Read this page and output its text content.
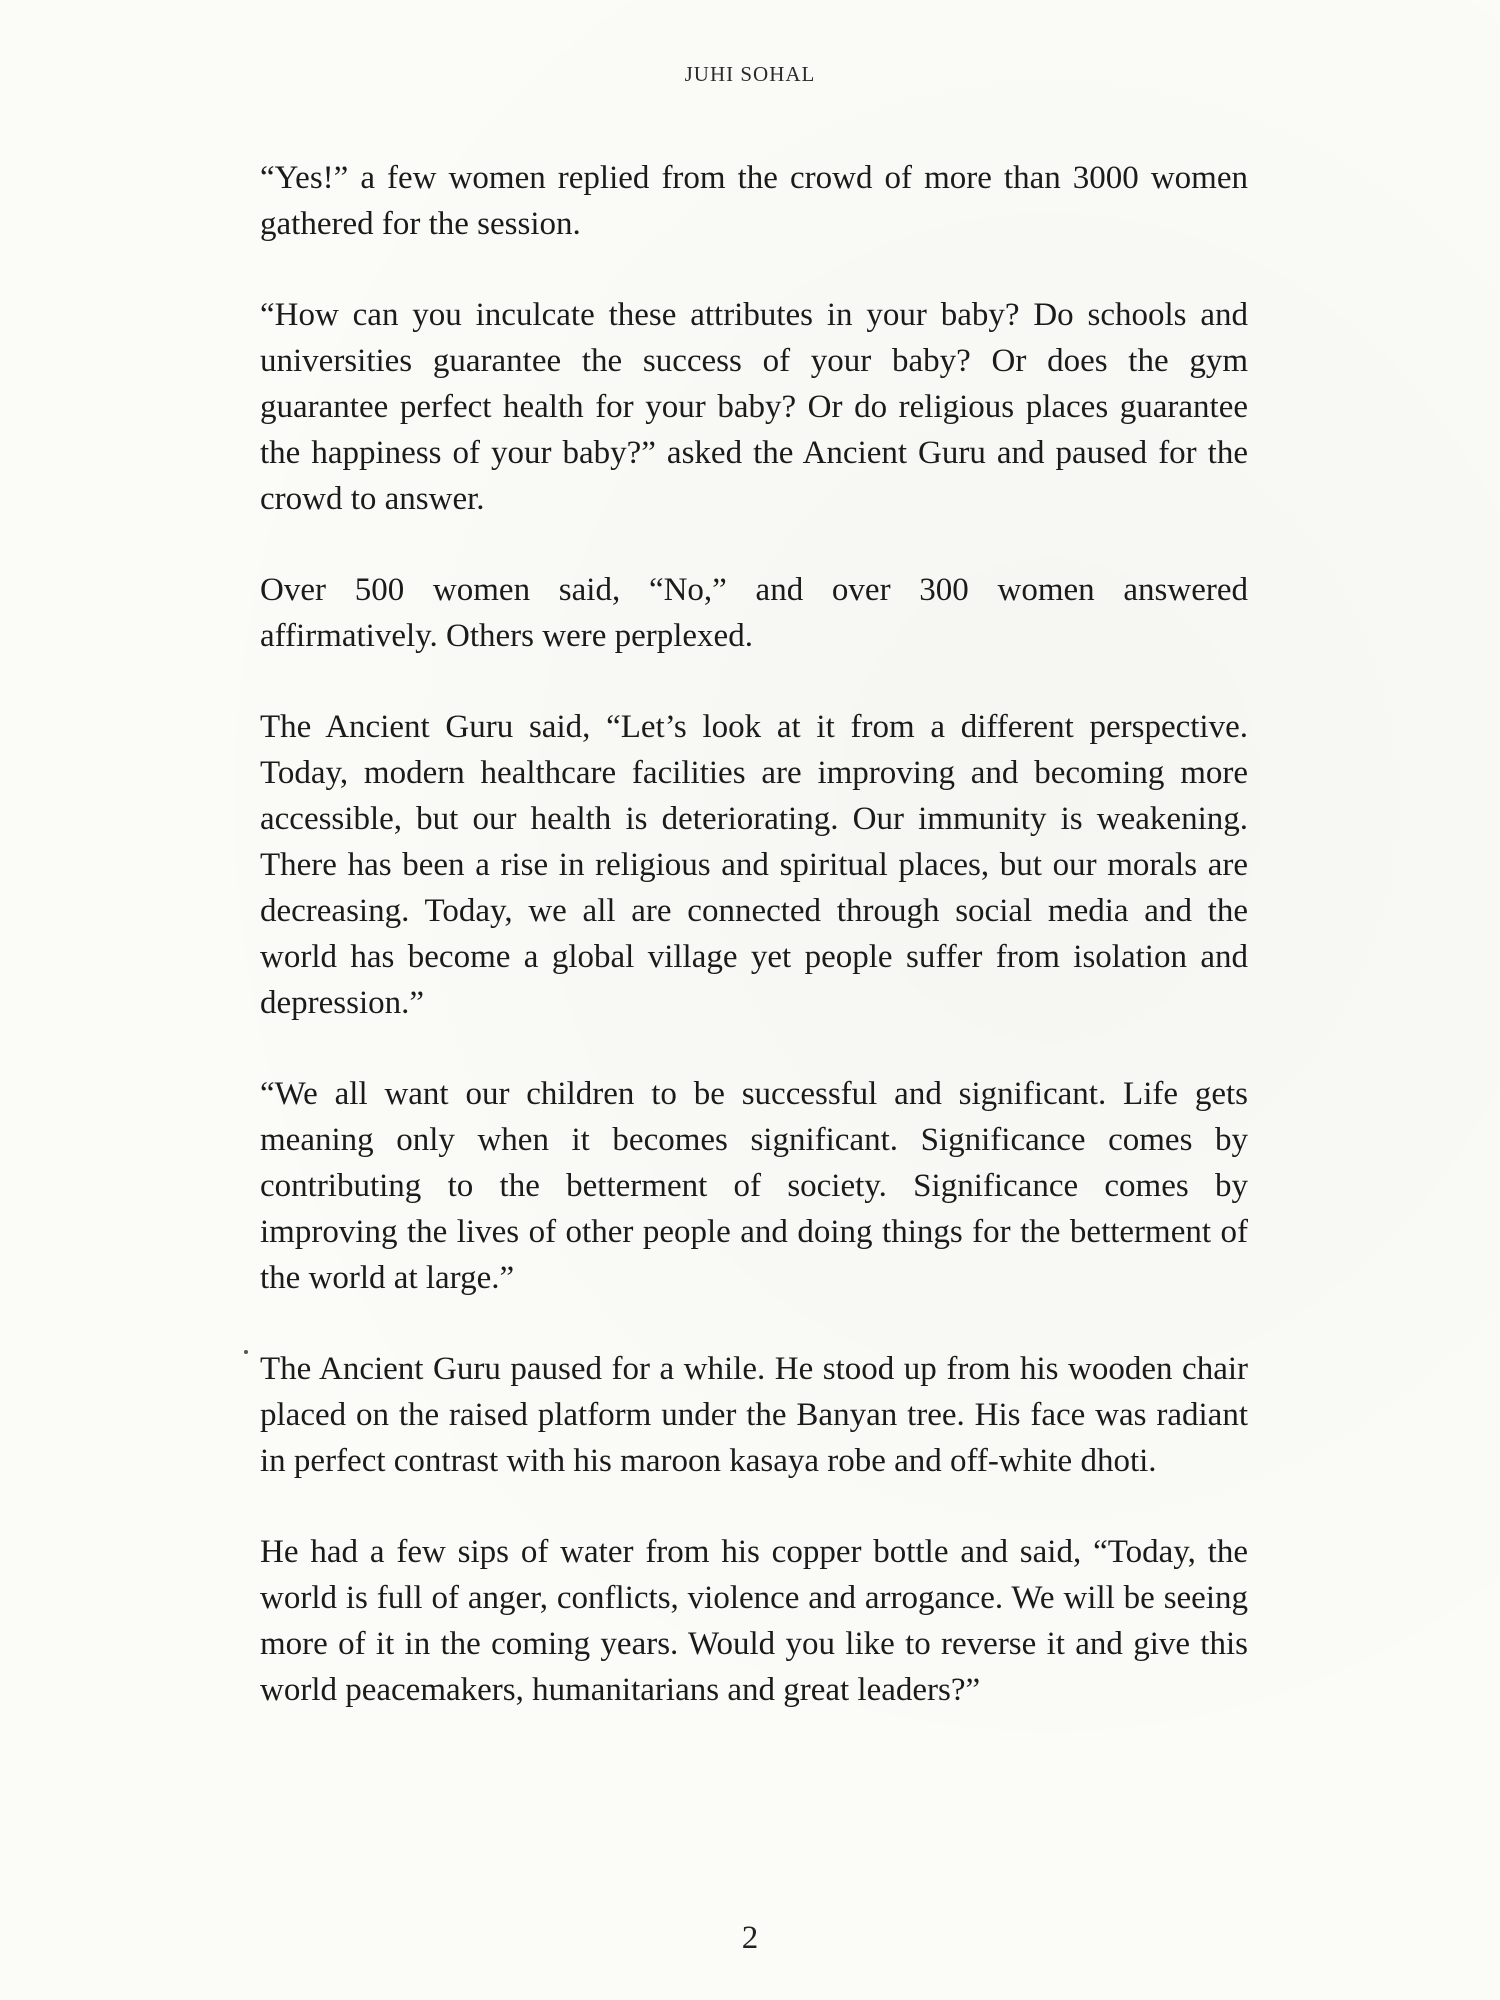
JUHI SOHAL

“Yes!” a few women replied from the crowd of more than 3000 women gathered for the session.

“How can you inculcate these attributes in your baby? Do schools and universities guarantee the success of your baby? Or does the gym guarantee perfect health for your baby? Or do religious places guarantee the happiness of your baby?” asked the Ancient Guru and paused for the crowd to answer.

Over 500 women said, “No,” and over 300 women answered affirmatively. Others were perplexed.

The Ancient Guru said, “Let’s look at it from a different perspective. Today, modern healthcare facilities are improving and becoming more accessible, but our health is deteriorating. Our immunity is weakening. There has been a rise in religious and spiritual places, but our morals are decreasing. Today, we all are connected through social media and the world has become a global village yet people suffer from isolation and depression.”

“We all want our children to be successful and significant. Life gets meaning only when it becomes significant. Significance comes by contributing to the betterment of society. Significance comes by improving the lives of other people and doing things for the betterment of the world at large.”

The Ancient Guru paused for a while. He stood up from his wooden chair placed on the raised platform under the Banyan tree. His face was radiant in perfect contrast with his maroon kasaya robe and off-white dhoti.

He had a few sips of water from his copper bottle and said, “Today, the world is full of anger, conflicts, violence and arrogance. We will be seeing more of it in the coming years. Would you like to reverse it and give this world peacemakers, humanitarians and great leaders?”

2
